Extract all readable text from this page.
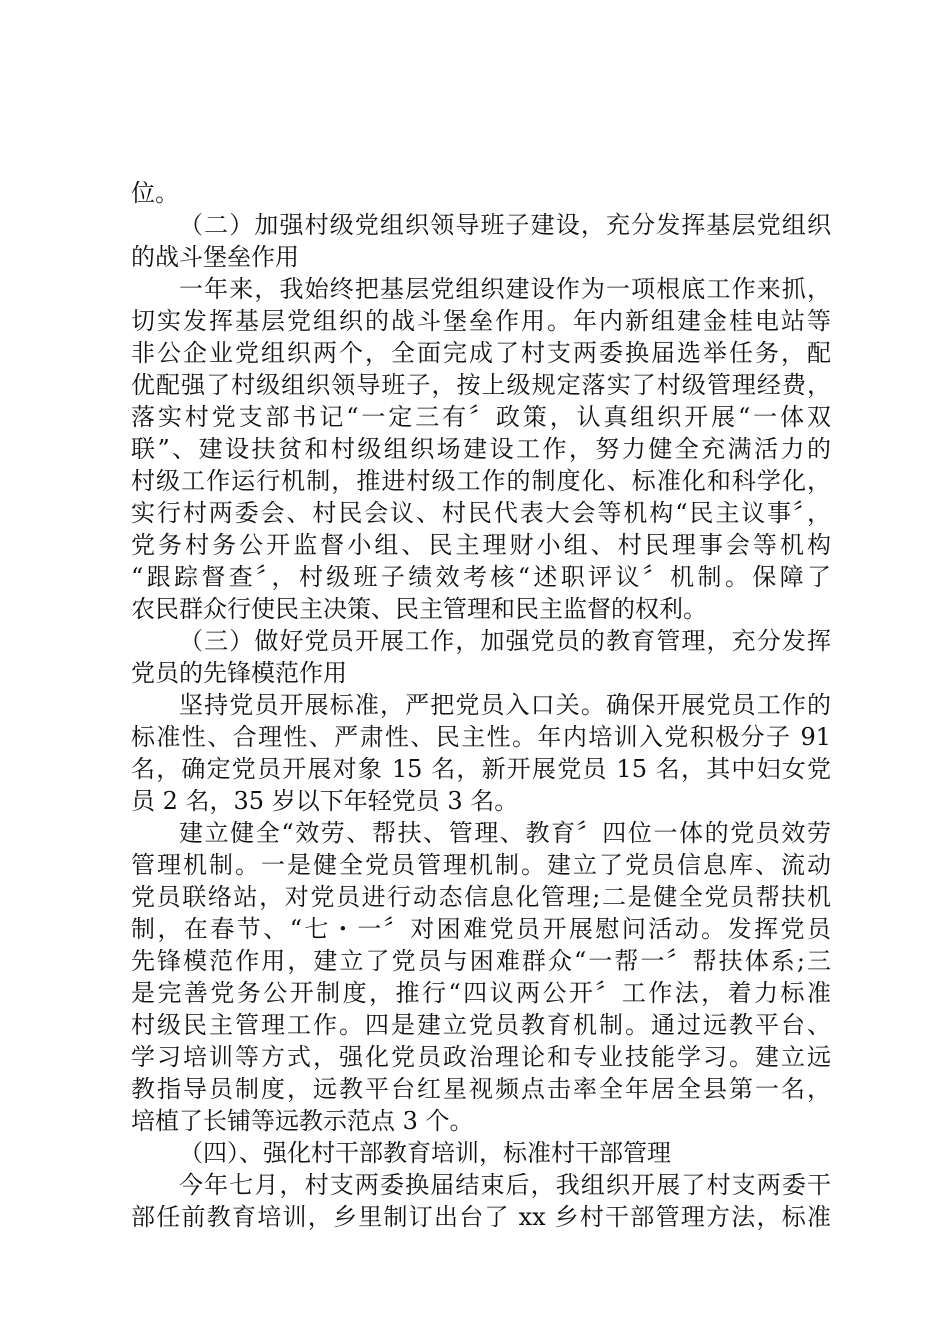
位。
（二）加强村级党组织领导班子建设，充分发挥基层党组织
的战斗堡垒作用
一年来，我始终把基层党组织建设作为一项根底工作来抓，
切实发挥基层党组织的战斗堡垒作用。年内新组建金桂电站等
非公企业党组织两个，全面完成了村支两委换届选举任务，配
优配强了村级组织领导班子，按上级规定落实了村级管理经费，
落实村党支部书记“一定三有〞政策，认真组织开展“一体双
联”、建设扶贫和村级组织场建设工作，努力健全充满活力的
村级工作运行机制，推进村级工作的制度化、标准化和科学化，
实行村两委会、村民会议、村民代表大会等机构“民主议事〞，
党务村务公开监督小组、民主理财小组、村民理事会等机构
“跟踪督查〞，村级班子绩效考核“述职评议〞机制。保障了
农民群众行使民主决策、民主管理和民主监督的权利。
（三）做好党员开展工作，加强党员的教育管理，充分发挥
党员的先锋模范作用
坚持党员开展标准，严把党员入口关。确保开展党员工作的
标准性、合理性、严肃性、民主性。年内培训入党积极分子 91
名，确定党员开展对象 15 名，新开展党员 15 名，其中妇女党
员 2 名，35 岁以下年轻党员 3 名。
建立健全“效劳、帮扶、管理、教育〞四位一体的党员效劳
管理机制。一是健全党员管理机制。建立了党员信息库、流动
党员联络站，对党员进行动态信息化管理;二是健全党员帮扶机
制，在春节、“七・一〞对困难党员开展慰问活动。发挥党员
先锋模范作用，建立了党员与困难群众“一帮一〞帮扶体系;三
是完善党务公开制度，推行“四议两公开〞工作法，着力标准
村级民主管理工作。四是建立党员教育机制。通过远教平台、
学习培训等方式，强化党员政治理论和专业技能学习。建立远
教指导员制度，远教平台红星视频点击率全年居全县第一名，
培植了长铺等远教示范点 3 个。
（四）、强化村干部教育培训，标准村干部管理
今年七月，村支两委换届结束后，我组织开展了村支两委干
部任前教育培训，乡里制订出台了 xx 乡村干部管理方法，标准
